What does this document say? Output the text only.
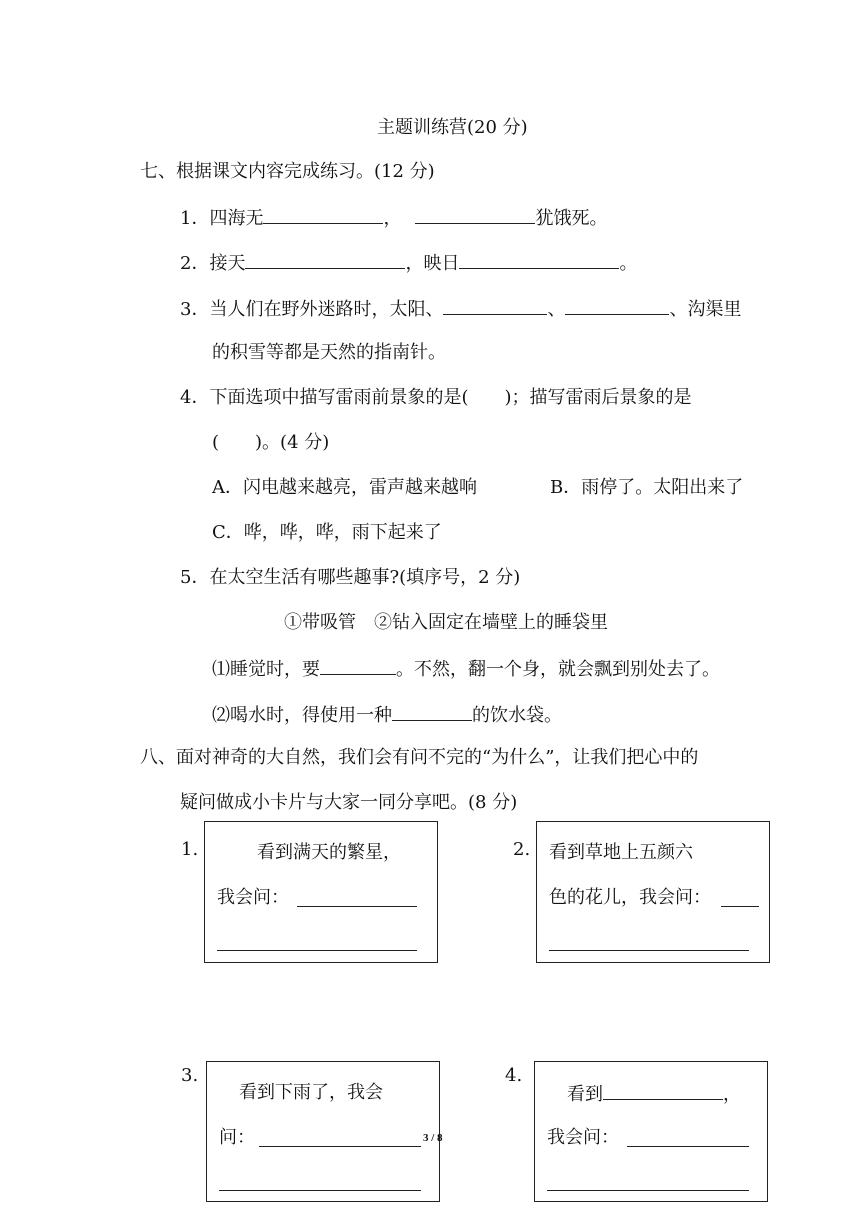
主题训练营(20 分)
七、根据课文内容完成练习。(12 分)
1．四海无	，	犹饿死。
2．接天	，映日	。
3．当人们在野外迷路时，太阳、	、	、沟渠里
的积雪等都是天然的指南针。
4．下面选项中描写雷雨前景象的是(　　)；描写雷雨后景象的是
(　　)。(4 分)
A．闪电越来越亮，雷声越来越响	B．雨停了。太阳出来了
C．哗，哗，哗，雨下起来了
5．在太空生活有哪些趣事?(填序号，2 分)
①带吸管　②钻入固定在墙壁上的睡袋里
⑴睡觉时，要	。不然，翻一个身，就会飘到别处去了。
⑵喝水时，得使用一种	的饮水袋。
八、面对神奇的大自然，我们会有问不完的“为什么”，让我们把心中的
疑问做成小卡片与大家一同分享吧。(8 分)
1.	看到满天的繁星，
我会问：
2. 看到草地上五颜六
色的花儿，我会问：
3.
看到下雨了，我会
问：
4.
看到	，
我会问：
3 / 8
